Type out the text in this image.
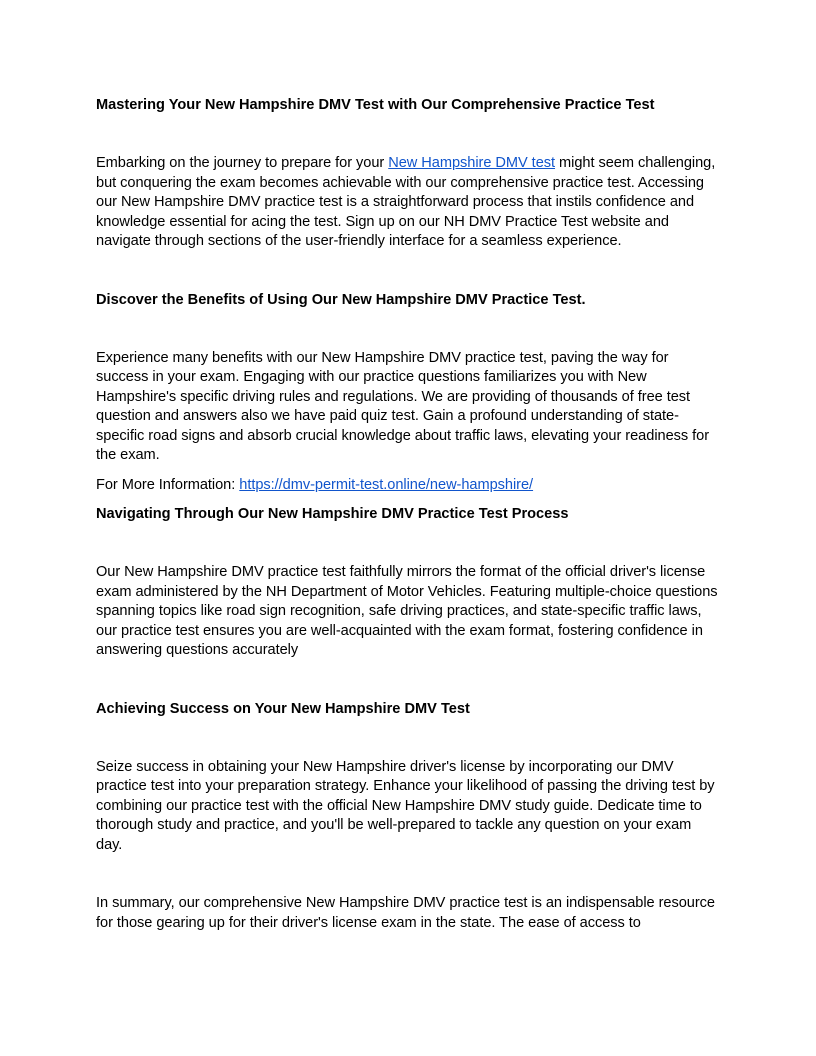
Mastering Your New Hampshire DMV Test with Our Comprehensive Practice Test

Embarking on the journey to prepare for your New Hampshire DMV test might seem challenging, but conquering the exam becomes achievable with our comprehensive practice test. Accessing our New Hampshire DMV practice test is a straightforward process that instils confidence and knowledge essential for acing the test. Sign up on our NH DMV Practice Test website and navigate through sections of the user-friendly interface for a seamless experience.

Discover the Benefits of Using Our New Hampshire DMV Practice Test.

Experience many benefits with our New Hampshire DMV practice test, paving the way for success in your exam. Engaging with our practice questions familiarizes you with New Hampshire's specific driving rules and regulations. We are providing of thousands of free test question and answers also we have paid quiz test. Gain a profound understanding of state-specific road signs and absorb crucial knowledge about traffic laws, elevating your readiness for the exam.

For More Information: https://dmv-permit-test.online/new-hampshire/

Navigating Through Our New Hampshire DMV Practice Test Process

Our New Hampshire DMV practice test faithfully mirrors the format of the official driver's license exam administered by the NH Department of Motor Vehicles. Featuring multiple-choice questions spanning topics like road sign recognition, safe driving practices, and state-specific traffic laws, our practice test ensures you are well-acquainted with the exam format, fostering confidence in answering questions accurately

Achieving Success on Your New Hampshire DMV Test

Seize success in obtaining your New Hampshire driver's license by incorporating our DMV practice test into your preparation strategy. Enhance your likelihood of passing the driving test by combining our practice test with the official New Hampshire DMV study guide. Dedicate time to thorough study and practice, and you'll be well-prepared to tackle any question on your exam day.

In summary, our comprehensive New Hampshire DMV practice test is an indispensable resource for those gearing up for their driver's license exam in the state. The ease of access to
